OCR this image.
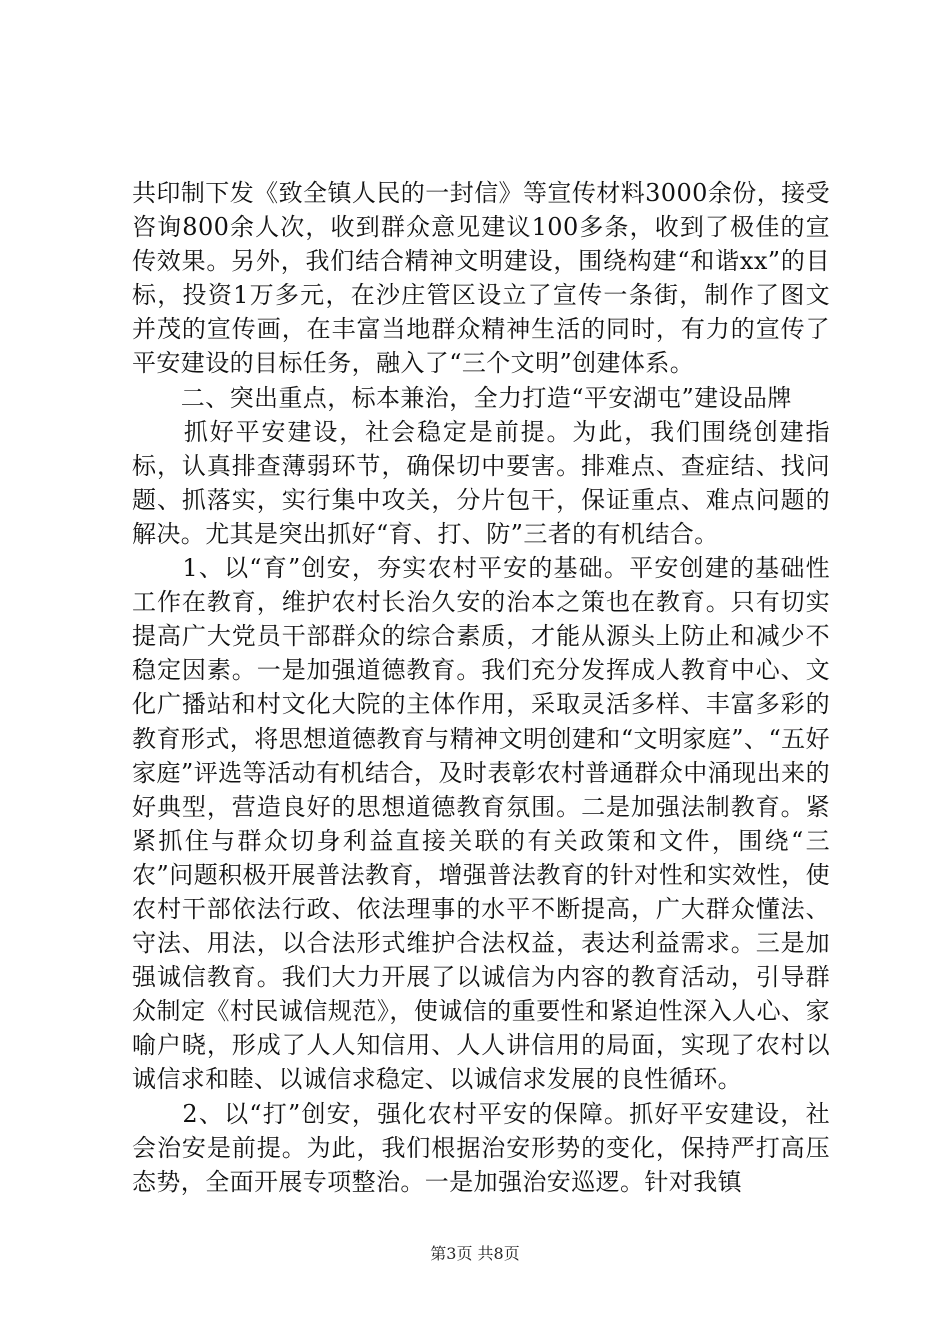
共印制下发《致全镇人民的一封信》等宣传材料3000余份，接受咨询800余人次，收到群众意见建议100多条，收到了极佳的宣传效果。另外，我们结合精神文明建设，围绕构建“和谐xx”的目标，投资1万多元，在沙庄管区设立了宣传一条街，制作了图文并茂的宣传画，在丰富当地群众精神生活的同时，有力的宣传了平安建设的目标任务，融入了“三个文明”创建体系。

　　二、突出重点，标本兼治，全力打造“平安湖屯”建设品牌

　　抓好平安建设，社会稳定是前提。为此，我们围绕创建指标，认真排查薄弱环节，确保切中要害。排难点、查症结、找问题、抓落实，实行集中攻关，分片包干，保证重点、难点问题的解决。尤其是突出抓好“育、打、防”三者的有机结合。

　　1、以“育”创安，夯实农村平安的基础。平安创建的基础性工作在教育，维护农村长治久安的治本之策也在教育。只有切实提高广大党员干部群众的综合素质，才能从源头上防止和减少不稳定因素。一是加强道德教育。我们充分发挥成人教育中心、文化广播站和村文化大院的主体作用，采取灵活多样、丰富多彩的教育形式，将思想道德教育与精神文明创建和“文明家庭”、“五好家庭”评选等活动有机结合，及时表彰农村普通群众中涌现出来的好典型，营造良好的思想道德教育氛围。二是加强法制教育。紧紧抓住与群众切身利益直接关联的有关政策和文件，围绕“三农”问题积极开展普法教育，增强普法教育的针对性和实效性，使农村干部依法行政、依法理事的水平不断提高，广大群众懂法、守法、用法，以合法形式维护合法权益，表达利益需求。三是加强诚信教育。我们大力开展了以诚信为内容的教育活动，引导群众制定《村民诚信规范》，使诚信的重要性和紧迫性深入人心、家喻户晓，形成了人人知信用、人人讲信用的局面，实现了农村以诚信求和睦、以诚信求稳定、以诚信求发展的良性循环。

　　2、以“打”创安，强化农村平安的保障。抓好平安建设，社会治安是前提。为此，我们根据治安形势的变化，保持严打高压态势，全面开展专项整治。一是加强治安巡逻。针对我镇

第3页 共8页
